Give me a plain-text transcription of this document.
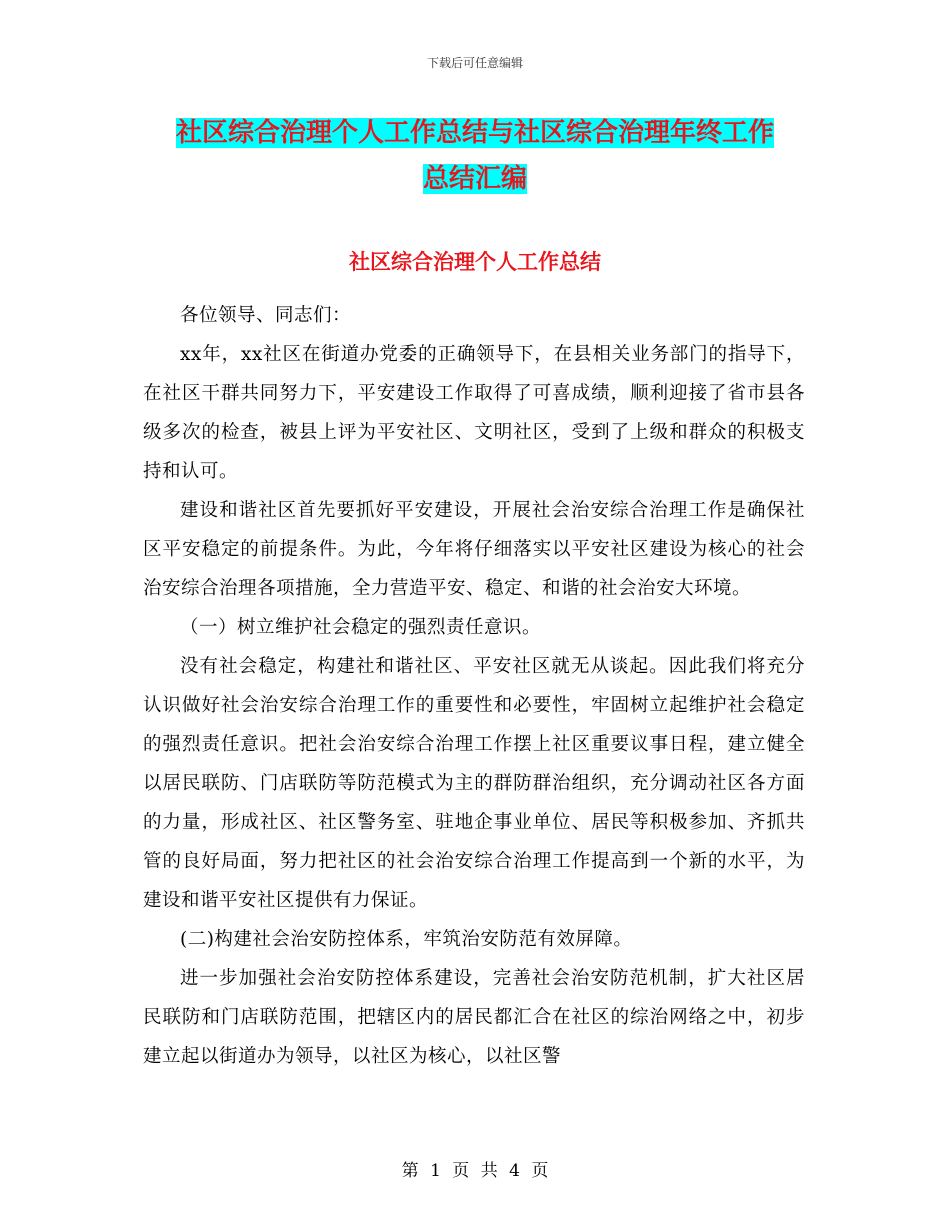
下载后可任意编辑
社区综合治理个人工作总结与社区综合治理年终工作
总结汇编
社区综合治理个人工作总结

各位领导、同志们：

xx年，xx社区在街道办党委的正确领导下，在县相关业务部门的指导下，在社区干群共同努力下，平安建设工作取得了可喜成绩，顺利迎接了省市县各级多次的检查，被县上评为平安社区、文明社区，受到了上级和群众的积极支持和认可。

建设和谐社区首先要抓好平安建设，开展社会治安综合治理工作是确保社区平安稳定的前提条件。为此，今年将仔细落实以平安社区建设为核心的社会治安综合治理各项措施，全力营造平安、稳定、和谐的社会治安大环境。

（一）树立维护社会稳定的强烈责任意识。

没有社会稳定，构建社和谐社区、平安社区就无从谈起。因此我们将充分认识做好社会治安综合治理工作的重要性和必要性，牢固树立起维护社会稳定的强烈责任意识。把社会治安综合治理工作摆上社区重要议事日程，建立健全以居民联防、门店联防等防范模式为主的群防群治组织，充分调动社区各方面的力量，形成社区、社区警务室、驻地企事业单位、居民等积极参加、齐抓共管的良好局面，努力把社区的社会治安综合治理工作提高到一个新的水平，为建设和谐平安社区提供有力保证。

(二)构建社会治安防控体系，牢筑治安防范有效屏障。

进一步加强社会治安防控体系建设，完善社会治安防范机制，扩大社区居民联防和门店联防范围，把辖区内的居民都汇合在社区的综治网络之中，初步建立起以街道办为领导，以社区为核心，以社区警

第 1 页 共 4 页
